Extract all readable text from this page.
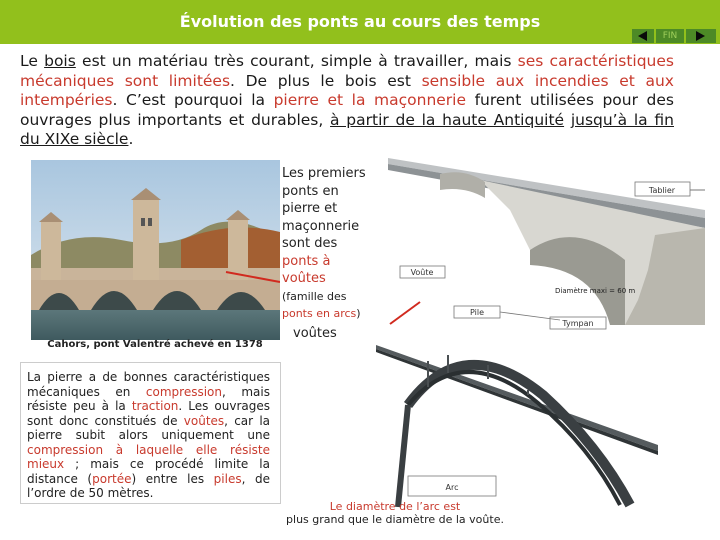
Évolution des ponts au cours des temps
FIN
Le bois est un matériau très courant, simple à travailler, mais ses caractéristiques mécaniques sont limitées. De plus le bois est sensible aux incendies et aux intempéries. C’est pourquoi la pierre et la maçonnerie furent utilisées pour des ouvrages plus importants et durables, à partir de la haute Antiquité jusqu’à la fin du XIXe siècle.
Cahors, pont Valentré achevé en 1378
Les premiers ponts en pierre et maçonnerie sont des ponts à voûtes
(famille des ponts en arcs)
voûtes
Tablier
Voûte
Diamètre maxi = 60 m
Pile
Tympan
La pierre a de bonnes caractéristiques mécaniques en compression, mais résiste peu à la traction. Les ouvrages sont donc constitués de voûtes, car la pierre subit alors uniquement une compression à laquelle elle résiste mieux ; mais ce procédé limite la distance (portée) entre les piles, de l’ordre de 50 mètres.	Arc
Le diamètre de l’arc est
plus grand que le diamètre de la voûte.
